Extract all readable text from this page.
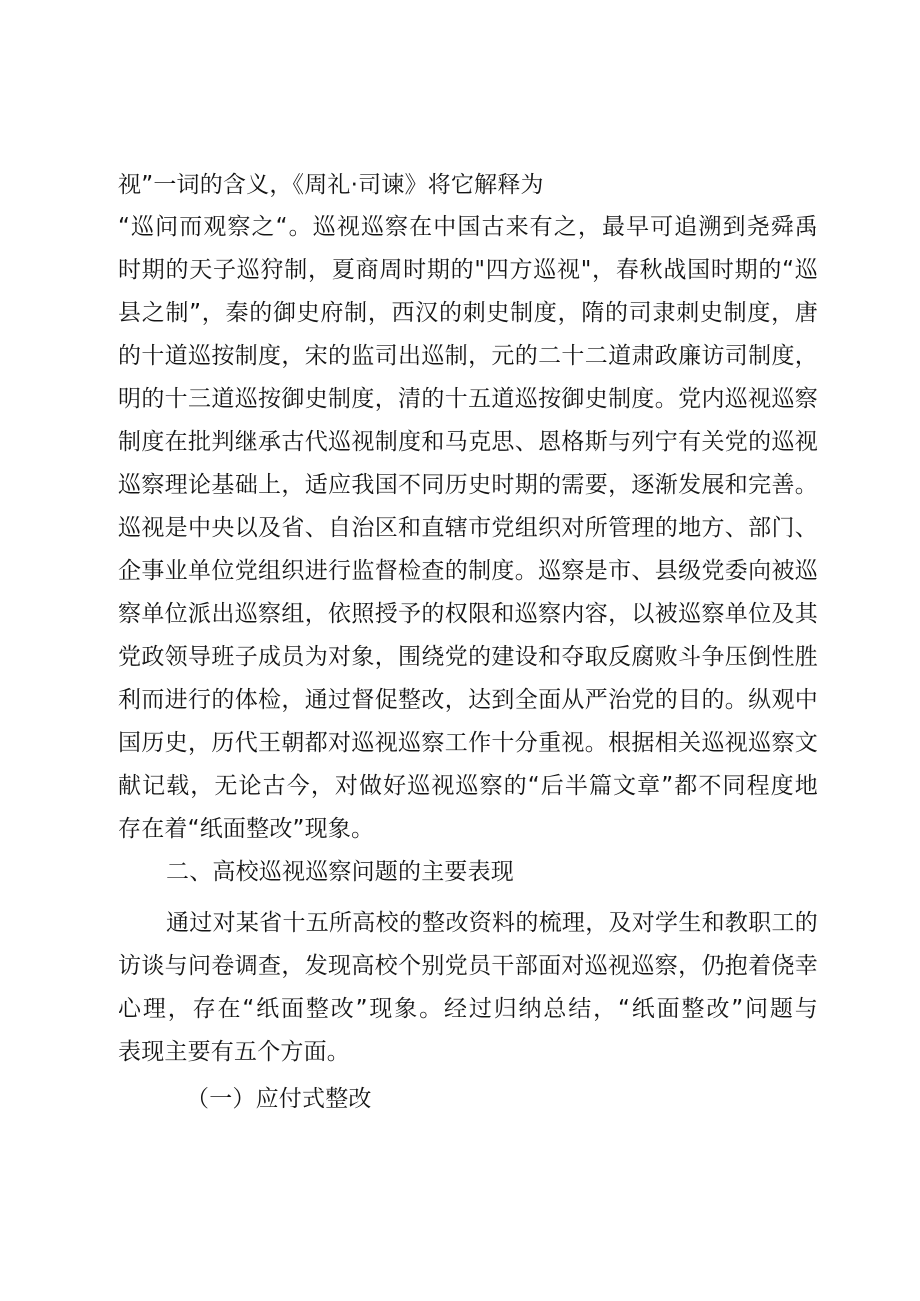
视”一词的含义，《周礼·司谏》将它解释为
“巡问而观察之“。巡视巡察在中国古来有之，最早可追溯到尧舜禹
时期的天子巡狩制，夏商周时期的"四方巡视"，春秋战国时期的“巡
县之制”，秦的御史府制，西汉的刺史制度，隋的司隶刺史制度，唐
的十道巡按制度，宋的监司出巡制，元的二十二道肃政廉访司制度，
明的十三道巡按御史制度，清的十五道巡按御史制度。党内巡视巡察
制度在批判继承古代巡视制度和马克思、恩格斯与列宁有关党的巡视
巡察理论基础上，适应我国不同历史时期的需要，逐渐发展和完善。
巡视是中央以及省、自治区和直辖市党组织对所管理的地方、部门、
企事业单位党组织进行监督检查的制度。巡察是市、县级党委向被巡
察单位派出巡察组，依照授予的权限和巡察内容，以被巡察单位及其
党政领导班子成员为对象，围绕党的建设和夺取反腐败斗争压倒性胜
利而进行的体检，通过督促整改，达到全面从严治党的目的。纵观中
国历史，历代王朝都对巡视巡察工作十分重视。根据相关巡视巡察文
献记载，无论古今，对做好巡视巡察的“后半篇文章”都不同程度地
存在着“纸面整改”现象。
二、高校巡视巡察问题的主要表现
通过对某省十五所高校的整改资料的梳理，及对学生和教职工的
访谈与问卷调查，发现高校个别党员干部面对巡视巡察，仍抱着侥幸
心理，存在“纸面整改”现象。经过归纳总结，“纸面整改”问题与
表现主要有五个方面。
（一）应付式整改
